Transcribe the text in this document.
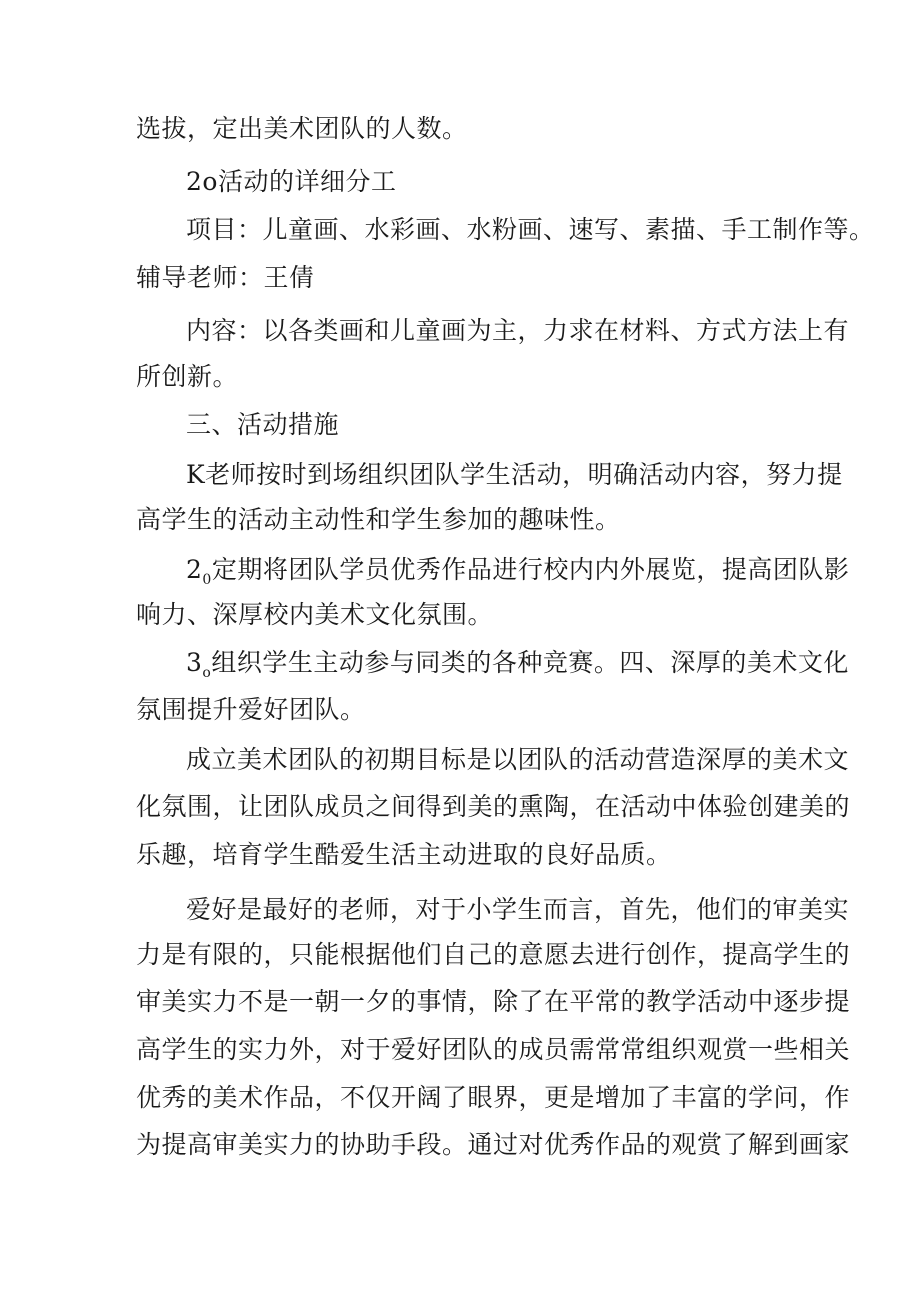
选拔，定出美术团队的人数。
2o活动的详细分工
项目：儿童画、水彩画、水粉画、速写、素描、手工制作等。
辅导老师：王倩
内容：以各类画和儿童画为主，力求在材料、方式方法上有
所创新。
三、活动措施
K老师按时到场组织团队学生活动，明确活动内容，努力提
高学生的活动主动性和学生参加的趣味性。
$2_0$定期将团队学员优秀作品进行校内内外展览，提高团队影
响力、深厚校内美术文化氛围。
$3_o$组织学生主动参与同类的各种竞赛。四、深厚的美术文化
氛围提升爱好团队。
成立美术团队的初期目标是以团队的活动营造深厚的美术文
化氛围，让团队成员之间得到美的熏陶，在活动中体验创建美的
乐趣，培育学生酷爱生活主动进取的良好品质。
爱好是最好的老师，对于小学生而言，首先，他们的审美实
力是有限的，只能根据他们自己的意愿去进行创作，提高学生的
审美实力不是一朝一夕的事情，除了在平常的教学活动中逐步提
高学生的实力外，对于爱好团队的成员需常常组织观赏一些相关
优秀的美术作品，不仅开阔了眼界，更是增加了丰富的学问，作
为提高审美实力的协助手段。通过对优秀作品的观赏了解到画家
